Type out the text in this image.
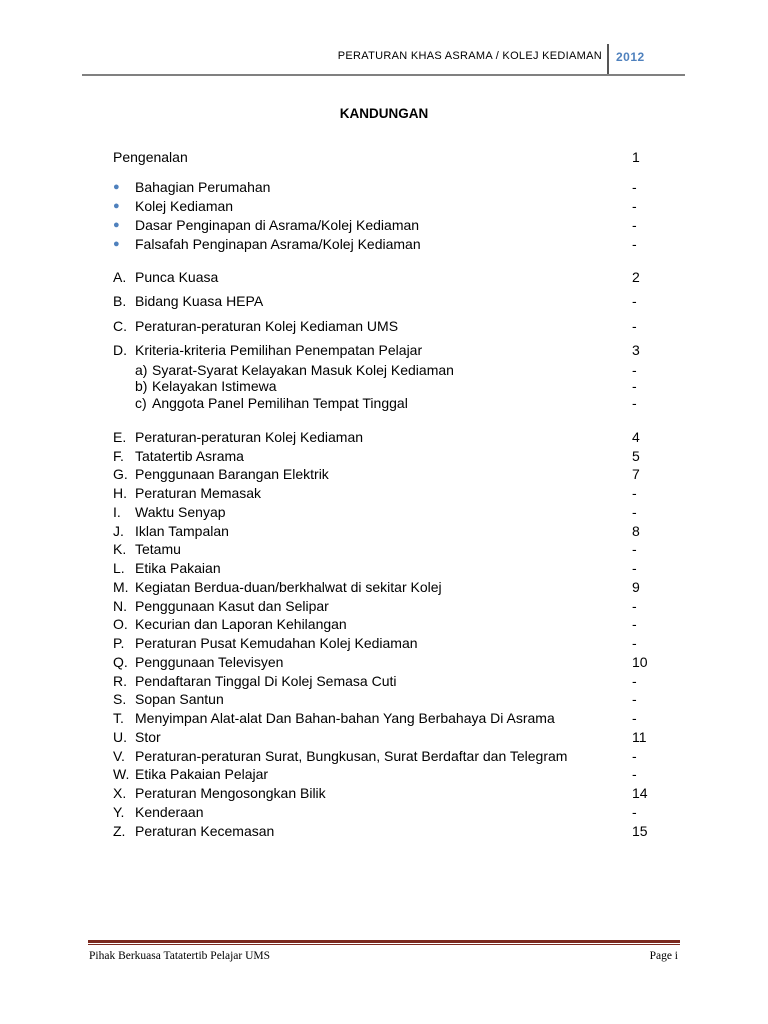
PERATURAN KHAS ASRAMA / KOLEJ KEDIAMAN 2012
KANDUNGAN
Pengenalan	1
● Bahagian Perumahan	-
● Kolej Kediaman	-
● Dasar Penginapan di Asrama/Kolej Kediaman	-
● Falsafah Penginapan Asrama/Kolej Kediaman	-
A. Punca Kuasa	2
B. Bidang Kuasa HEPA	-
C. Peraturan-peraturan Kolej Kediaman UMS	-
D. Kriteria-kriteria Pemilihan Penempatan Pelajar	3
a) Syarat-Syarat Kelayakan Masuk Kolej Kediaman	-
b) Kelayakan Istimewa	-
c) Anggota Panel Pemilihan Tempat Tinggal	-
E. Peraturan-peraturan Kolej Kediaman	4
F. Tatatertib Asrama	5
G. Penggunaan Barangan Elektrik	7
H. Peraturan Memasak	-
I. Waktu Senyap	-
J. Iklan Tampalan	8
K. Tetamu	-
L. Etika Pakaian	-
M. Kegiatan Berdua-duan/berkhalwat di sekitar Kolej	9
N. Penggunaan Kasut dan Selipar	-
O. Kecurian dan Laporan Kehilangan	-
P. Peraturan Pusat Kemudahan Kolej Kediaman	-
Q. Penggunaan Televisyen	10
R. Pendaftaran Tinggal Di Kolej Semasa Cuti	-
S. Sopan Santun	-
T. Menyimpan Alat-alat Dan Bahan-bahan Yang Berbahaya Di Asrama	-
U. Stor	11
V. Peraturan-peraturan Surat, Bungkusan, Surat Berdaftar dan Telegram	-
W. Etika Pakaian Pelajar	-
X. Peraturan Mengosongkan Bilik	14
Y. Kenderaan	-
Z. Peraturan Kecemasan	15
Pihak Berkuasa Tatatertib Pelajar UMS	Page i
